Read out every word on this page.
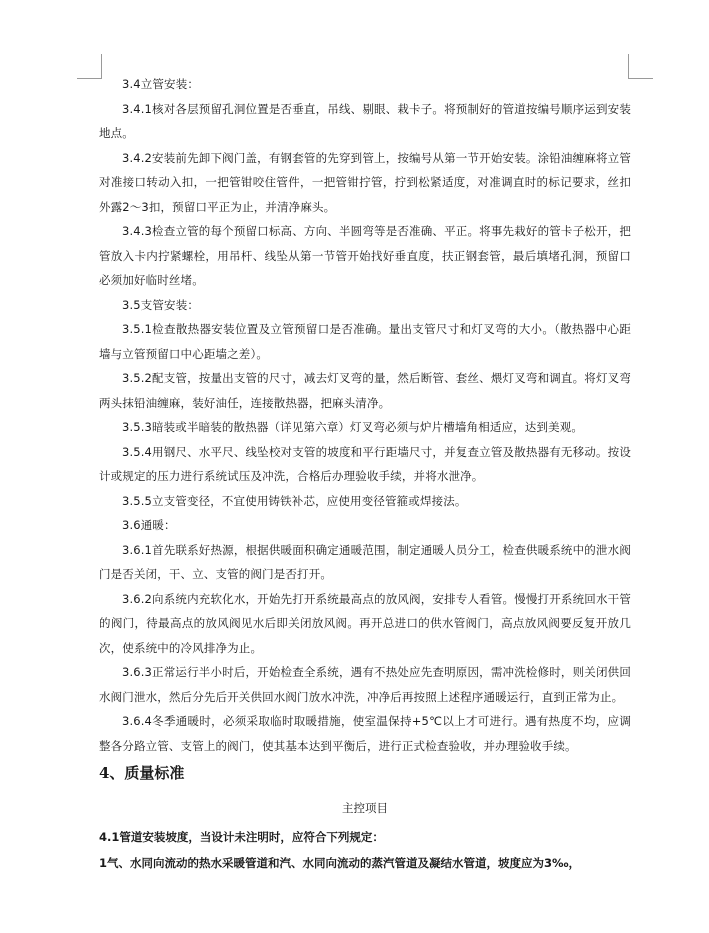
3.4立管安装：

3.4.1核对各层预留孔洞位置是否垂直，吊线、剔眼、栽卡子。将预制好的管道按编号顺序运到安装地点。

3.4.2安装前先卸下阀门盖，有钢套管的先穿到管上，按编号从第一节开始安装。涂铅油缠麻将立管对准接口转动入扣，一把管钳咬住管件，一把管钳拧管，拧到松紧适度，对准调直时的标记要求，丝扣外露2～3扣，预留口平正为止，并清净麻头。

3.4.3检查立管的每个预留口标高、方向、半圆弯等是否准确、平正。将事先栽好的管卡子松开，把管放入卡内拧紧螺栓，用吊杆、线坠从第一节管开始找好垂直度，扶正钢套管，最后填堵孔洞，预留口必须加好临时丝堵。

3.5支管安装：

3.5.1检查散热器安装位置及立管预留口是否准确。量出支管尺寸和灯叉弯的大小。（散热器中心距墙与立管预留口中心距墙之差）。

3.5.2配支管，按量出支管的尺寸，减去灯叉弯的量，然后断管、套丝、煨灯叉弯和调直。将灯叉弯两头抹铅油缠麻，装好油任，连接散热器，把麻头清净。

3.5.3暗装或半暗装的散热器（详见第六章）灯叉弯必须与炉片槽墙角相适应，达到美观。

3.5.4用钢尺、水平尺、线坠校对支管的坡度和平行距墙尺寸，并复查立管及散热器有无移动。按设计或规定的压力进行系统试压及冲洗，合格后办理验收手续，并将水泄净。

3.5.5立支管变径，不宜使用铸铁补芯，应使用变径管箍或焊接法。

3.6通暖：

3.6.1首先联系好热源，根据供暖面积确定通暖范围，制定通暖人员分工，检查供暖系统中的泄水阀门是否关闭，干、立、支管的阀门是否打开。

3.6.2向系统内充软化水，开始先打开系统最高点的放风阀，安排专人看管。慢慢打开系统回水干管的阀门，待最高点的放风阀见水后即关闭放风阀。再开总进口的供水管阀门，高点放风阀要反复开放几次，使系统中的冷风排净为止。

3.6.3正常运行半小时后，开始检查全系统，遇有不热处应先查明原因，需冲洗检修时，则关闭供回水阀门泄水，然后分先后开关供回水阀门放水冲洗，冲净后再按照上述程序通暖运行，直到正常为止。

3.6.4冬季通暖时，必须采取临时取暖措施，使室温保持+5℃以上才可进行。遇有热度不均，应调整各分路立管、支管上的阀门，使其基本达到平衡后，进行正式检查验收，并办理验收手续。

4、质量标准

主控项目

4.1管道安装坡度，当设计未注明时，应符合下列规定：

1气、水同向流动的热水采暖管道和汽、水同向流动的蒸汽管道及凝结水管道，坡度应为3‰，
